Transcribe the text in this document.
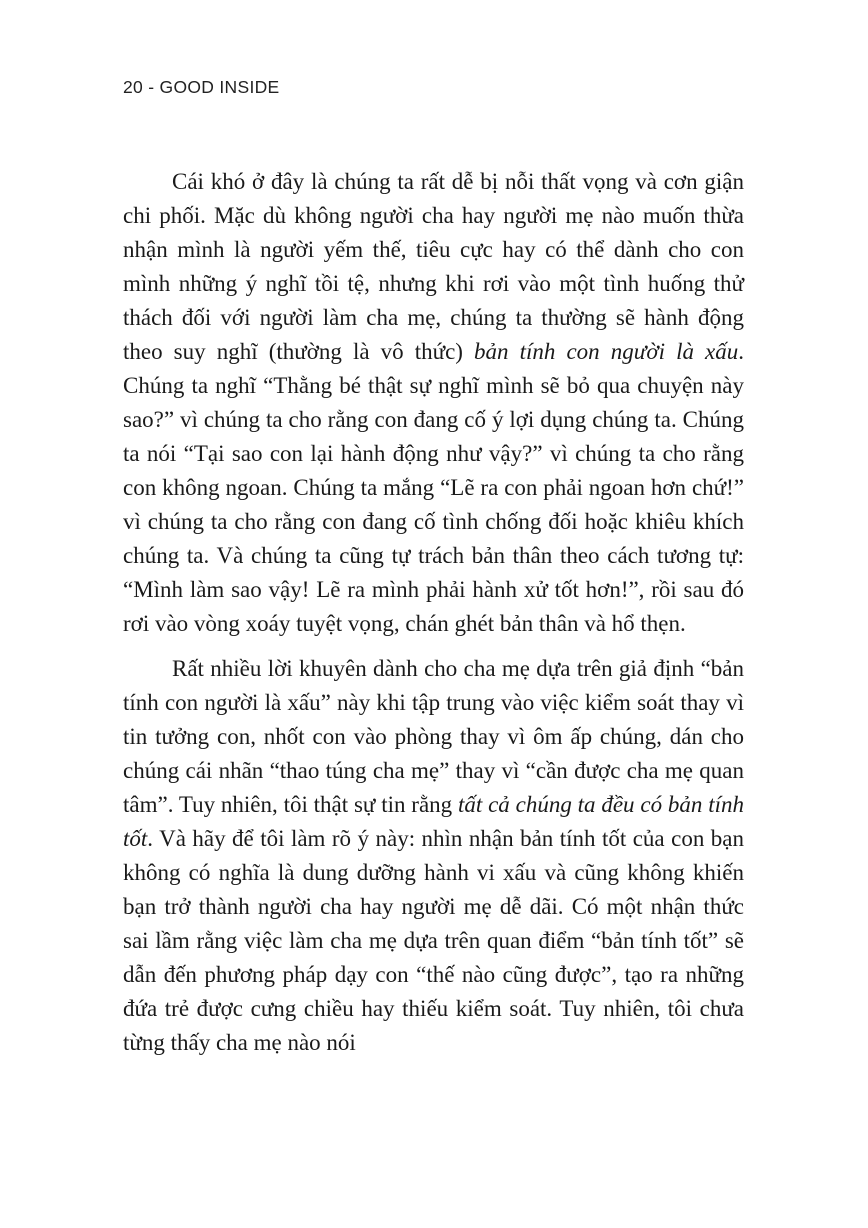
20 - GOOD INSIDE

Cái khó ở đây là chúng ta rất dễ bị nỗi thất vọng và cơn giận chi phối. Mặc dù không người cha hay người mẹ nào muốn thừa nhận mình là người yếm thế, tiêu cực hay có thể dành cho con mình những ý nghĩ tồi tệ, nhưng khi rơi vào một tình huống thử thách đối với người làm cha mẹ, chúng ta thường sẽ hành động theo suy nghĩ (thường là vô thức) bản tính con người là xấu. Chúng ta nghĩ “Thằng bé thật sự nghĩ mình sẽ bỏ qua chuyện này sao?” vì chúng ta cho rằng con đang cố ý lợi dụng chúng ta. Chúng ta nói “Tại sao con lại hành động như vậy?” vì chúng ta cho rằng con không ngoan. Chúng ta mắng “Lẽ ra con phải ngoan hơn chứ!” vì chúng ta cho rằng con đang cố tình chống đối hoặc khiêu khích chúng ta. Và chúng ta cũng tự trách bản thân theo cách tương tự: “Mình làm sao vậy! Lẽ ra mình phải hành xử tốt hơn!”, rồi sau đó rơi vào vòng xoáy tuyệt vọng, chán ghét bản thân và hổ thẹn.

Rất nhiều lời khuyên dành cho cha mẹ dựa trên giả định “bản tính con người là xấu” này khi tập trung vào việc kiểm soát thay vì tin tưởng con, nhốt con vào phòng thay vì ôm ấp chúng, dán cho chúng cái nhãn “thao túng cha mẹ” thay vì “cần được cha mẹ quan tâm”. Tuy nhiên, tôi thật sự tin rằng tất cả chúng ta đều có bản tính tốt. Và hãy để tôi làm rõ ý này: nhìn nhận bản tính tốt của con bạn không có nghĩa là dung dưỡng hành vi xấu và cũng không khiến bạn trở thành người cha hay người mẹ dễ dãi. Có một nhận thức sai lầm rằng việc làm cha mẹ dựa trên quan điểm “bản tính tốt” sẽ dẫn đến phương pháp dạy con “thế nào cũng được”, tạo ra những đứa trẻ được cưng chiều hay thiếu kiểm soát. Tuy nhiên, tôi chưa từng thấy cha mẹ nào nói
